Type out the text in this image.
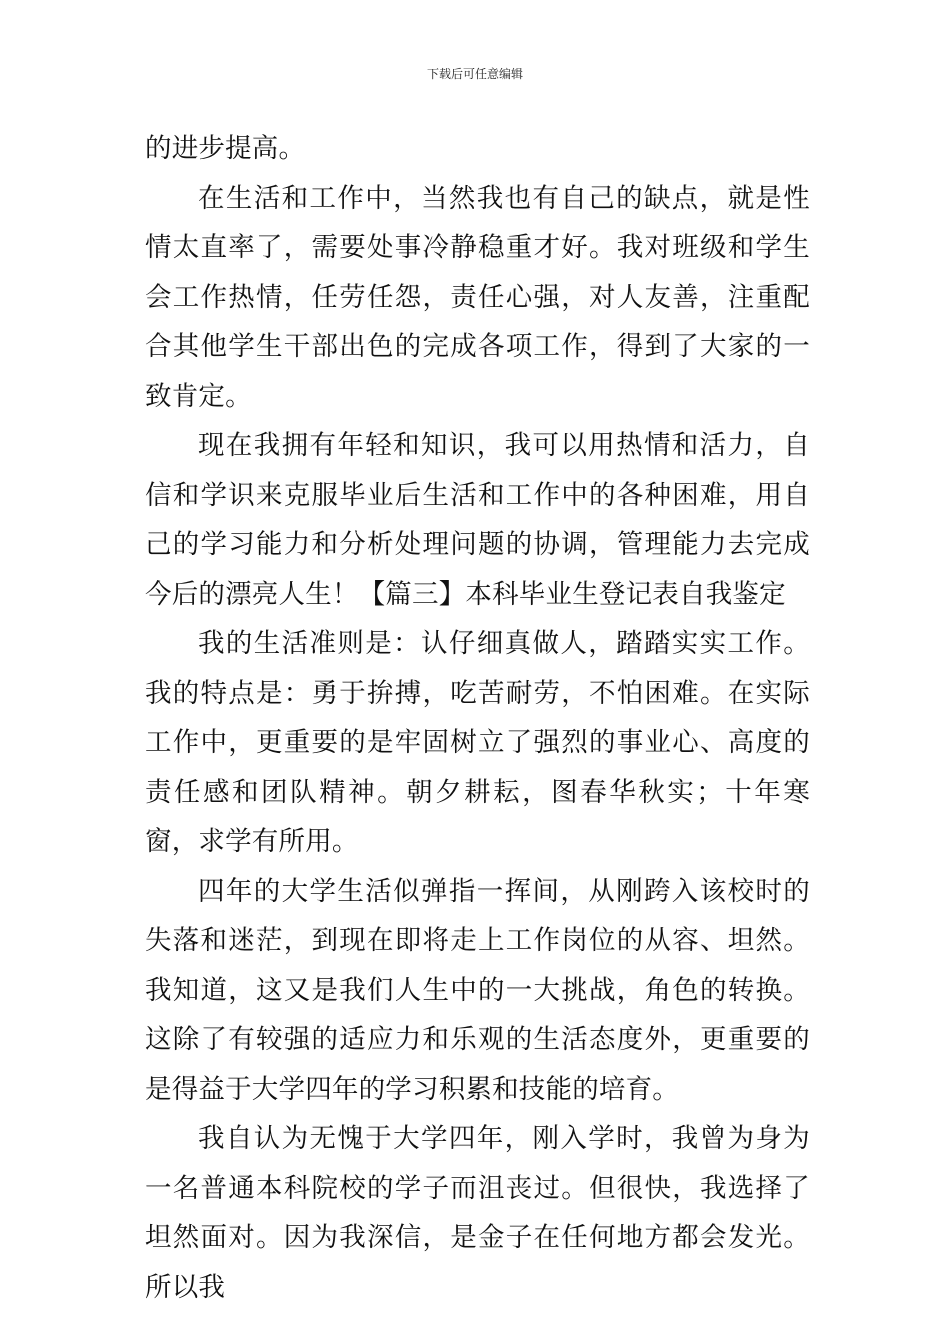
下载后可任意编辑

的进步提高。

在生活和工作中，当然我也有自己的缺点，就是性情太直率了，需要处事冷静稳重才好。我对班级和学生会工作热情，任劳任怨，责任心强，对人友善，注重配合其他学生干部出色的完成各项工作，得到了大家的一致肯定。

现在我拥有年轻和知识，我可以用热情和活力，自信和学识来克服毕业后生活和工作中的各种困难，用自己的学习能力和分析处理问题的协调，管理能力去完成今后的漂亮人生！【篇三】本科毕业生登记表自我鉴定

我的生活准则是：认仔细真做人，踏踏实实工作。我的特点是：勇于拚搏，吃苦耐劳，不怕困难。在实际工作中，更重要的是牢固树立了强烈的事业心、高度的责任感和团队精神。朝夕耕耘，图春华秋实；十年寒窗，求学有所用。

四年的大学生活似弹指一挥间，从刚跨入该校时的失落和迷茫，到现在即将走上工作岗位的从容、坦然。我知道，这又是我们人生中的一大挑战，角色的转换。这除了有较强的适应力和乐观的生活态度外，更重要的是得益于大学四年的学习积累和技能的培育。

我自认为无愧于大学四年，刚入学时，我曾为身为一名普通本科院校的学子而沮丧过。但很快，我选择了坦然面对。因为我深信，是金子在任何地方都会发光。所以我
